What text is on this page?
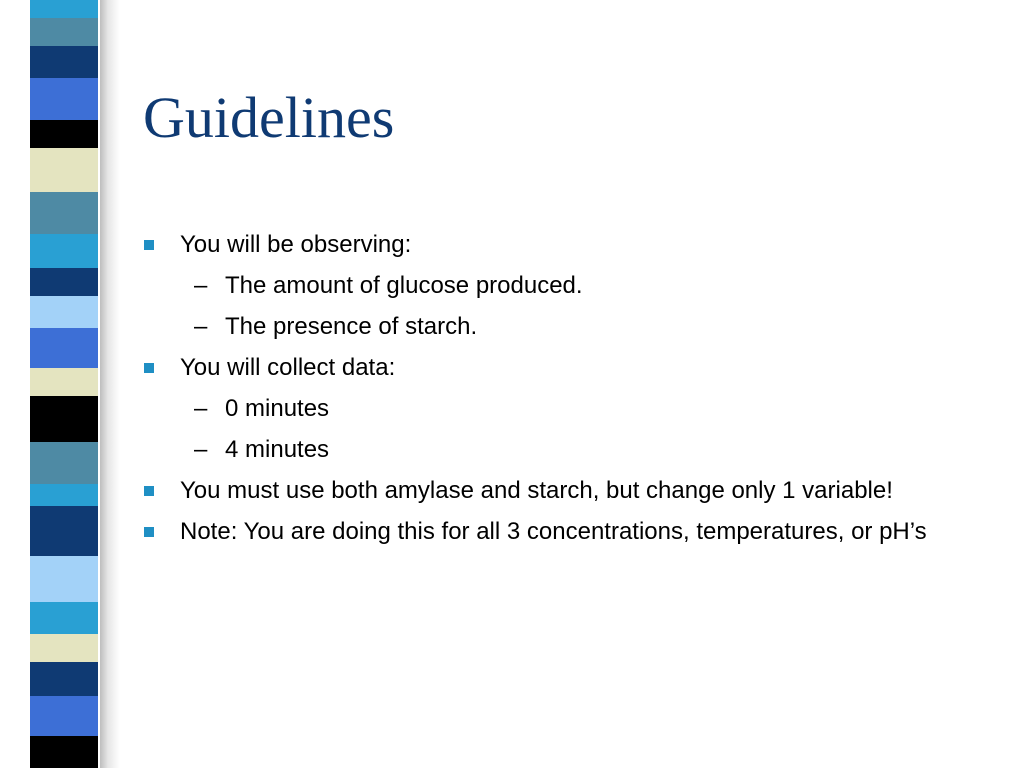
Guidelines
You will be observing:
– The amount of glucose produced.
– The presence of starch.
You will collect data:
– 0 minutes
– 4 minutes
You must use both amylase and starch, but change only 1 variable!
Note: You are doing this for all 3 concentrations, temperatures, or pH’s
